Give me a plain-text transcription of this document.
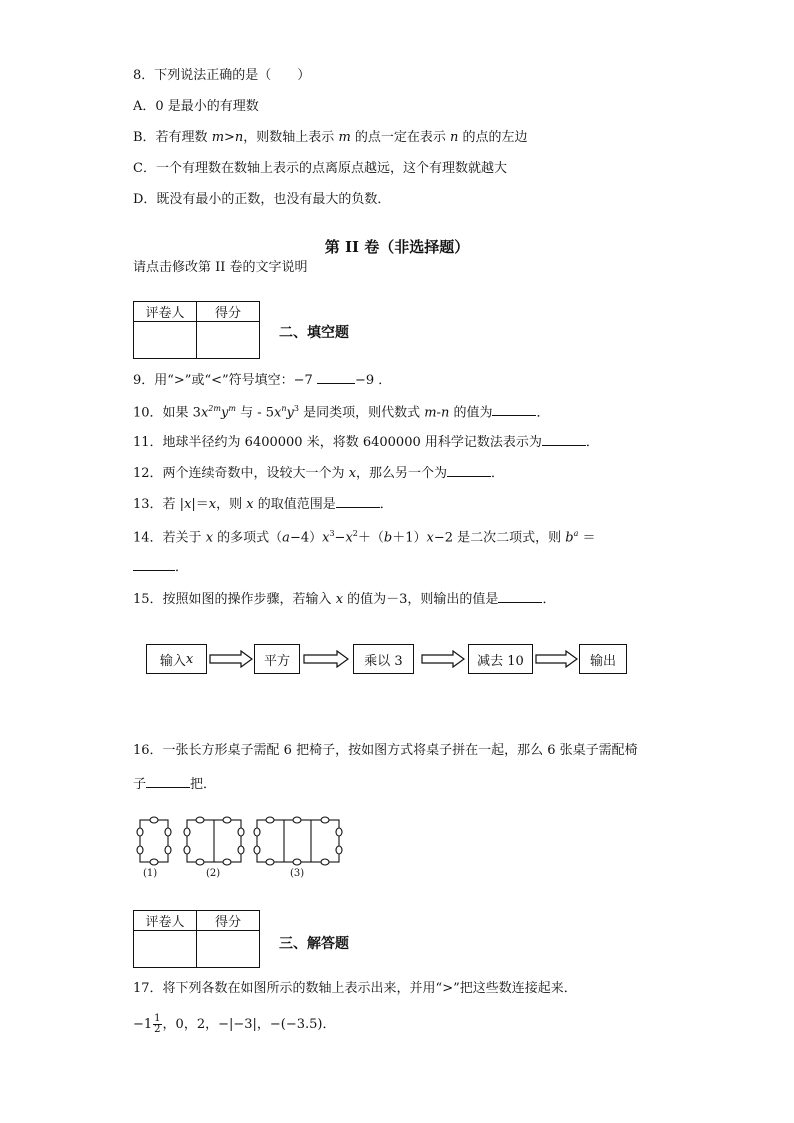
8．下列说法正确的是（　　）
A．0 是最小的有理数
B．若有理数 m>n，则数轴上表示 m 的点一定在表示 n 的点的左边
C．一个有理数在数轴上表示的点离原点越远，这个有理数就越大
D．既没有最小的正数，也没有最大的负数．
第 II 卷（非选择题）
请点击修改第 II 卷的文字说明
评卷人	得分

二、填空题
9．用“>”或“<”符号填空：−7	−9 ．
10．如果 $3x^{2m}y^m$ 与 - $5x^ny^3$ 是同类项，则代数式 m-n 的值为	．
11．地球半径约为 6400000 米，将数 6400000 用科学记数法表示为	．
12．两个连续奇数中，设较大一个为 x，那么另一个为	．
13．若 |x|＝x，则 x 的取值范围是	．
14．若关于 x 的多项式$(a-4)x^3-x^2+(b+1)x-2$ 是二次二项式，则 $b^a$ ＝
．
15．按照如图的操作步骤，若输入 x 的值为－3，则输出的值是	．
输入 x	平方	乘以 3	减去 10	输出
16．一张长方形桌子需配 6 把椅子，按如图方式将桌子拼在一起，那么 6 张桌子需配椅
子	把．
(1)	(2)	(3)
评卷人	得分

三、解答题
17．将下列各数在如图所示的数轴上表示出来，并用“>”把这些数连接起来．
$-1 \frac{1}{2}$ ，0，2，−|−3|，−(−3.5)．
